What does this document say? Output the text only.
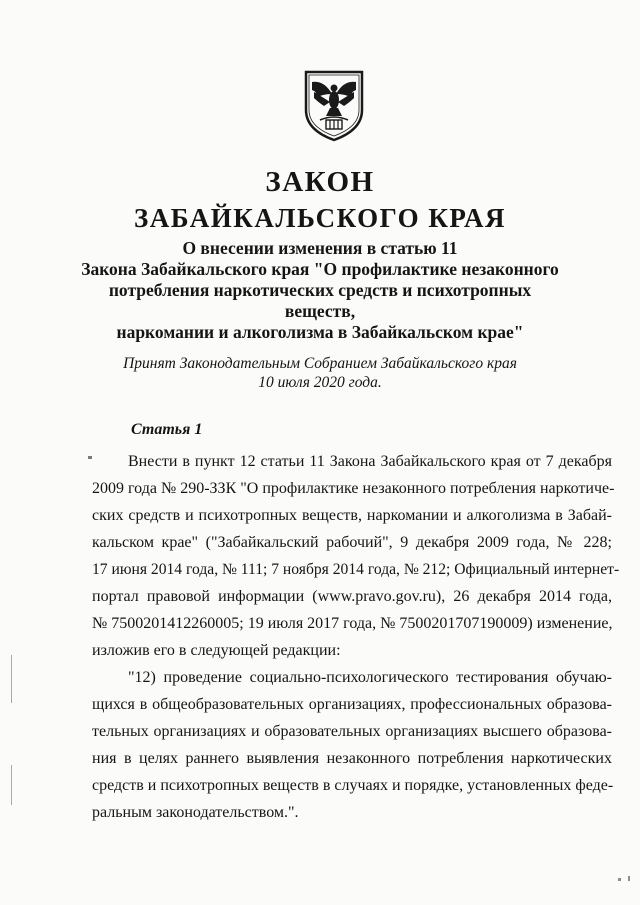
ЗАКОН
ЗАБАЙКАЛЬСКОГО КРАЯ
О внесении изменения в статью 11
Закона Забайкальского края "О профилактике незаконного
потребления наркотических средств и психотропных веществ,
наркомании и алкоголизма в Забайкальском крае"
Принят Законодательным Собранием Забайкальского края
10 июля 2020 года.
Статья 1
Внести в пункт 12 статьи 11 Закона Забайкальского края от 7 декабря
2009 года № 290-ЗЗК "О профилактике незаконного потребления наркотиче-
ских средств и психотропных веществ, наркомании и алкоголизма в Забай-
кальском крае" ("Забайкальский рабочий", 9 декабря 2009 года, № 228;
17 июня 2014 года, № 111; 7 ноября 2014 года, № 212; Официальный интернет-
портал правовой информации (www.pravo.gov.ru), 26 декабря 2014 года,
№ 7500201412260005; 19 июля 2017 года, № 7500201707190009) изменение,
изложив его в следующей редакции:
"12) проведение социально-психологического тестирования обучаю-
щихся в общеобразовательных организациях, профессиональных образова-
тельных организациях и образовательных организациях высшего образова-
ния в целях раннего выявления незаконного потребления наркотических
средств и психотропных веществ в случаях и порядке, установленных феде-
ральным законодательством.".
